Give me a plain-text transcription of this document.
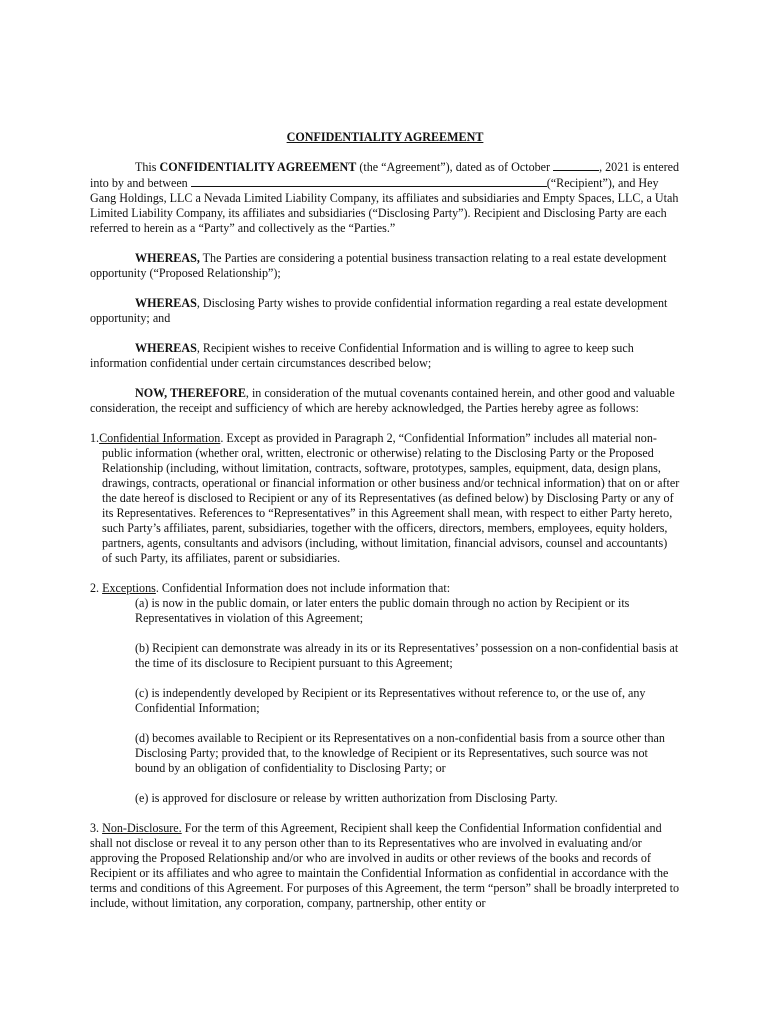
CONFIDENTIALITY AGREEMENT

This CONFIDENTIALITY AGREEMENT (the “Agreement”), dated as of October	, 2021 is entered into by and between	(“Recipient”), and Hey Gang Holdings, LLC a Nevada Limited Liability Company, its affiliates and subsidiaries and Empty Spaces, LLC, a Utah Limited Liability Company, its affiliates and subsidiaries (“Disclosing Party”). Recipient and Disclosing Party are each referred to herein as a “Party” and collectively as the “Parties.”

WHEREAS, The Parties are considering a potential business transaction relating to a real estate development opportunity (“Proposed Relationship”);

WHEREAS, Disclosing Party wishes to provide confidential information regarding a real estate development opportunity; and

WHEREAS, Recipient wishes to receive Confidential Information and is willing to agree to keep such information confidential under certain circumstances described below;

NOW, THEREFORE, in consideration of the mutual covenants contained herein, and other good and valuable consideration, the receipt and sufficiency of which are hereby acknowledged, the Parties hereby agree as follows:

1.Confidential Information. Except as provided in Paragraph 2, “Confidential Information” includes all material non-public information (whether oral, written, electronic or otherwise) relating to the Disclosing Party or the Proposed Relationship (including, without limitation, contracts, software, prototypes, samples, equipment, data, design plans, drawings, contracts, operational or financial information or other business and/or technical information) that on or after the date hereof is disclosed to Recipient or any of its Representatives (as defined below) by Disclosing Party or any of its Representatives. References to “Representatives” in this Agreement shall mean, with respect to either Party hereto, such Party’s affiliates, parent, subsidiaries, together with the officers, directors, members, employees, equity holders, partners, agents, consultants and advisors (including, without limitation, financial advisors, counsel and accountants) of such Party, its affiliates, parent or subsidiaries.

2. Exceptions. Confidential Information does not include information that:

(a) is now in the public domain, or later enters the public domain through no action by Recipient or its Representatives in violation of this Agreement;

(b) Recipient can demonstrate was already in its or its Representatives’ possession on a non-confidential basis at the time of its disclosure to Recipient pursuant to this Agreement;

(c) is independently developed by Recipient or its Representatives without reference to, or the use of, any Confidential Information;

(d) becomes available to Recipient or its Representatives on a non-confidential basis from a source other than Disclosing Party; provided that, to the knowledge of Recipient or its Representatives, such source was not bound by an obligation of confidentiality to Disclosing Party; or

(e) is approved for disclosure or release by written authorization from Disclosing Party.

3. Non-Disclosure. For the term of this Agreement, Recipient shall keep the Confidential Information confidential and shall not disclose or reveal it to any person other than to its Representatives who are involved in evaluating and/or approving the Proposed Relationship and/or who are involved in audits or other reviews of the books and records of Recipient or its affiliates and who agree to maintain the Confidential Information as confidential in accordance with the terms and conditions of this Agreement. For purposes of this Agreement, the term “person” shall be broadly interpreted to include, without limitation, any corporation, company, partnership, other entity or
